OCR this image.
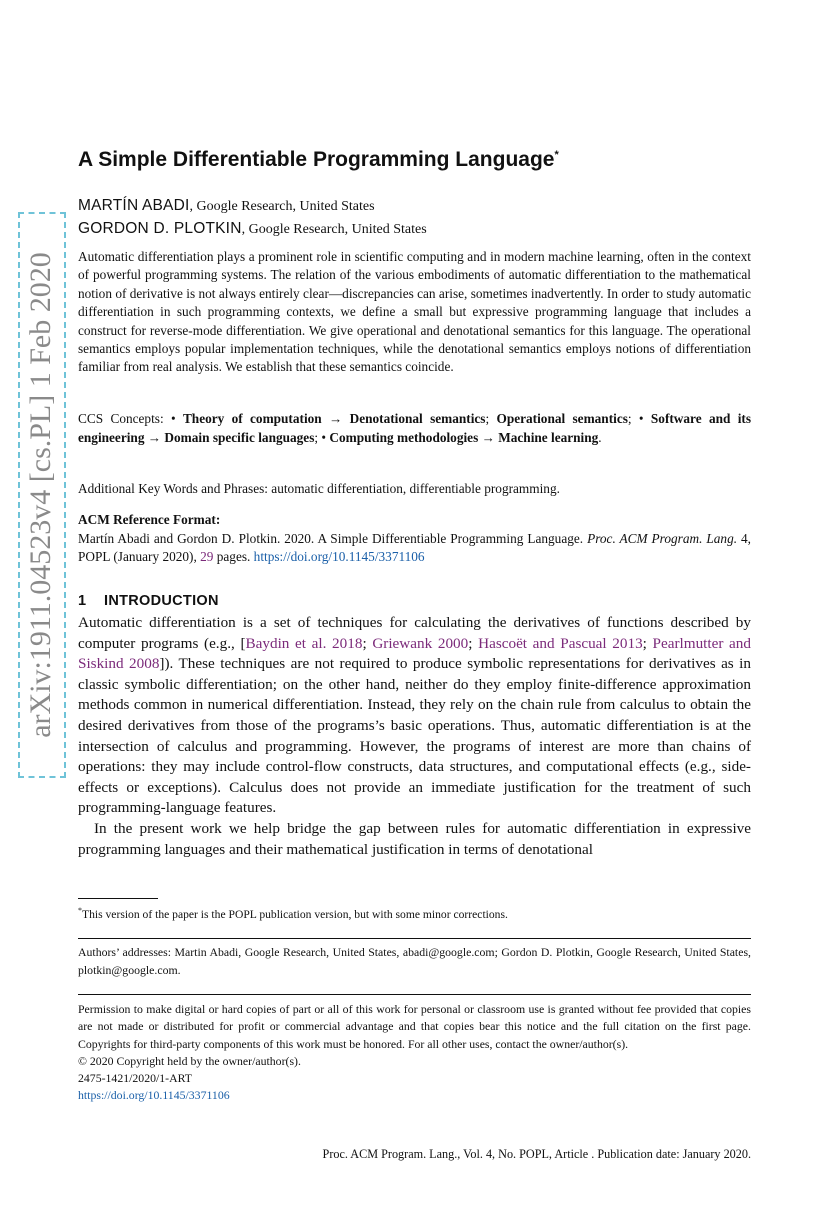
arXiv:1911.04523v4 [cs.PL] 1 Feb 2020
A Simple Differentiable Programming Language*
MARTÍN ABADI, Google Research, United States
GORDON D. PLOTKIN, Google Research, United States
Automatic differentiation plays a prominent role in scientific computing and in modern machine learning, often in the context of powerful programming systems. The relation of the various embodiments of automatic differentiation to the mathematical notion of derivative is not always entirely clear—discrepancies can arise, sometimes inadvertently. In order to study automatic differentiation in such programming contexts, we define a small but expressive programming language that includes a construct for reverse-mode differentiation. We give operational and denotational semantics for this language. The operational semantics employs popular implementation techniques, while the denotational semantics employs notions of differentiation familiar from real analysis. We establish that these semantics coincide.
CCS Concepts: • Theory of computation → Denotational semantics; Operational semantics; • Software and its engineering → Domain specific languages; • Computing methodologies → Machine learning.
Additional Key Words and Phrases: automatic differentiation, differentiable programming.
ACM Reference Format:
Martín Abadi and Gordon D. Plotkin. 2020. A Simple Differentiable Programming Language. Proc. ACM Program. Lang. 4, POPL (January 2020), 29 pages. https://doi.org/10.1145/3371106
1 INTRODUCTION

Automatic differentiation is a set of techniques for calculating the derivatives of functions described by computer programs (e.g., [Baydin et al. 2018; Griewank 2000; Hascoët and Pascual 2013; Pearlmutter and Siskind 2008]). These techniques are not required to produce symbolic representations for derivatives as in classic symbolic differentiation; on the other hand, neither do they employ finite-difference approximation methods common in numerical differentiation. Instead, they rely on the chain rule from calculus to obtain the desired derivatives from those of the programs’s basic operations. Thus, automatic differentiation is at the intersection of calculus and programming. However, the programs of interest are more than chains of operations: they may include control-flow constructs, data structures, and computational effects (e.g., side-effects or exceptions). Calculus does not provide an immediate justification for the treatment of such programming-language features.

In the present work we help bridge the gap between rules for automatic differentiation in expressive programming languages and their mathematical justification in terms of denotational

*This version of the paper is the POPL publication version, but with some minor corrections.
Authors’ addresses: Martin Abadi, Google Research, United States, abadi@google.com; Gordon D. Plotkin, Google Research, United States, plotkin@google.com.
Permission to make digital or hard copies of part or all of this work for personal or classroom use is granted without fee provided that copies are not made or distributed for profit or commercial advantage and that copies bear this notice and the full citation on the first page. Copyrights for third-party components of this work must be honored. For all other uses, contact the owner/author(s).
© 2020 Copyright held by the owner/author(s).
2475-1421/2020/1-ART
https://doi.org/10.1145/3371106
Proc. ACM Program. Lang., Vol. 4, No. POPL, Article . Publication date: January 2020.
